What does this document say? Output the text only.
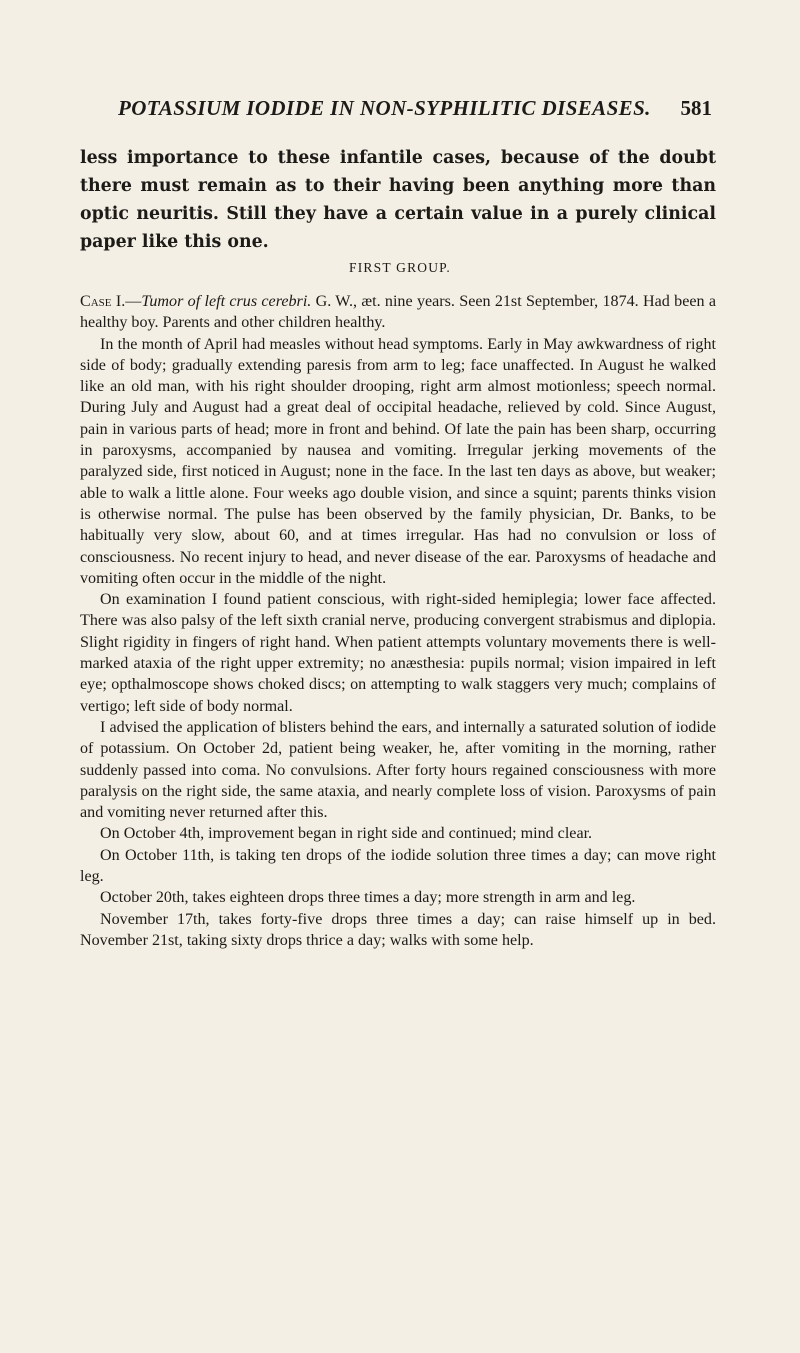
POTASSIUM IODIDE IN NON-SYPHILITIC DISEASES. 581
less importance to these infantile cases, because of the doubt there must remain as to their having been anything more than optic neuritis. Still they have a certain value in a purely clinical paper like this one.
FIRST GROUP.

Case I.—Tumor of left crus cerebri. G. W., æt. nine years. Seen 21st September, 1874. Had been a healthy boy. Parents and other children healthy.

In the month of April had measles without head symptoms. Early in May awkwardness of right side of body; gradually extending paresis from arm to leg; face unaffected. In August he walked like an old man, with his right shoulder drooping, right arm almost motionless; speech normal. During July and August had a great deal of occipital headache, relieved by cold. Since August, pain in various parts of head; more in front and behind. Of late the pain has been sharp, occurring in paroxysms, accompanied by nausea and vomiting. Irregular jerking movements of the paralyzed side, first noticed in August; none in the face. In the last ten days as above, but weaker; able to walk a little alone. Four weeks ago double vision, and since a squint; parents thinks vision is otherwise normal. The pulse has been observed by the family physician, Dr. Banks, to be habitually very slow, about 60, and at times irregular. Has had no convulsion or loss of consciousness. No recent injury to head, and never disease of the ear. Paroxysms of headache and vomiting often occur in the middle of the night.

On examination I found patient conscious, with right-sided hemiplegia; lower face affected. There was also palsy of the left sixth cranial nerve, producing convergent strabismus and diplopia. Slight rigidity in fingers of right hand. When patient attempts voluntary movements there is well-marked ataxia of the right upper extremity; no anæsthesia: pupils normal; vision impaired in left eye; opthalmoscope shows choked discs; on attempting to walk staggers very much; complains of vertigo; left side of body normal.

I advised the application of blisters behind the ears, and internally a saturated solution of iodide of potassium. On October 2d, patient being weaker, he, after vomiting in the morning, rather suddenly passed into coma. No convulsions. After forty hours regained consciousness with more paralysis on the right side, the same ataxia, and nearly complete loss of vision. Paroxysms of pain and vomiting never returned after this.

On October 4th, improvement began in right side and continued; mind clear.

On October 11th, is taking ten drops of the iodide solution three times a day; can move right leg.

October 20th, takes eighteen drops three times a day; more strength in arm and leg.

November 17th, takes forty-five drops three times a day; can raise himself up in bed. November 21st, taking sixty drops thrice a day; walks with some help.
